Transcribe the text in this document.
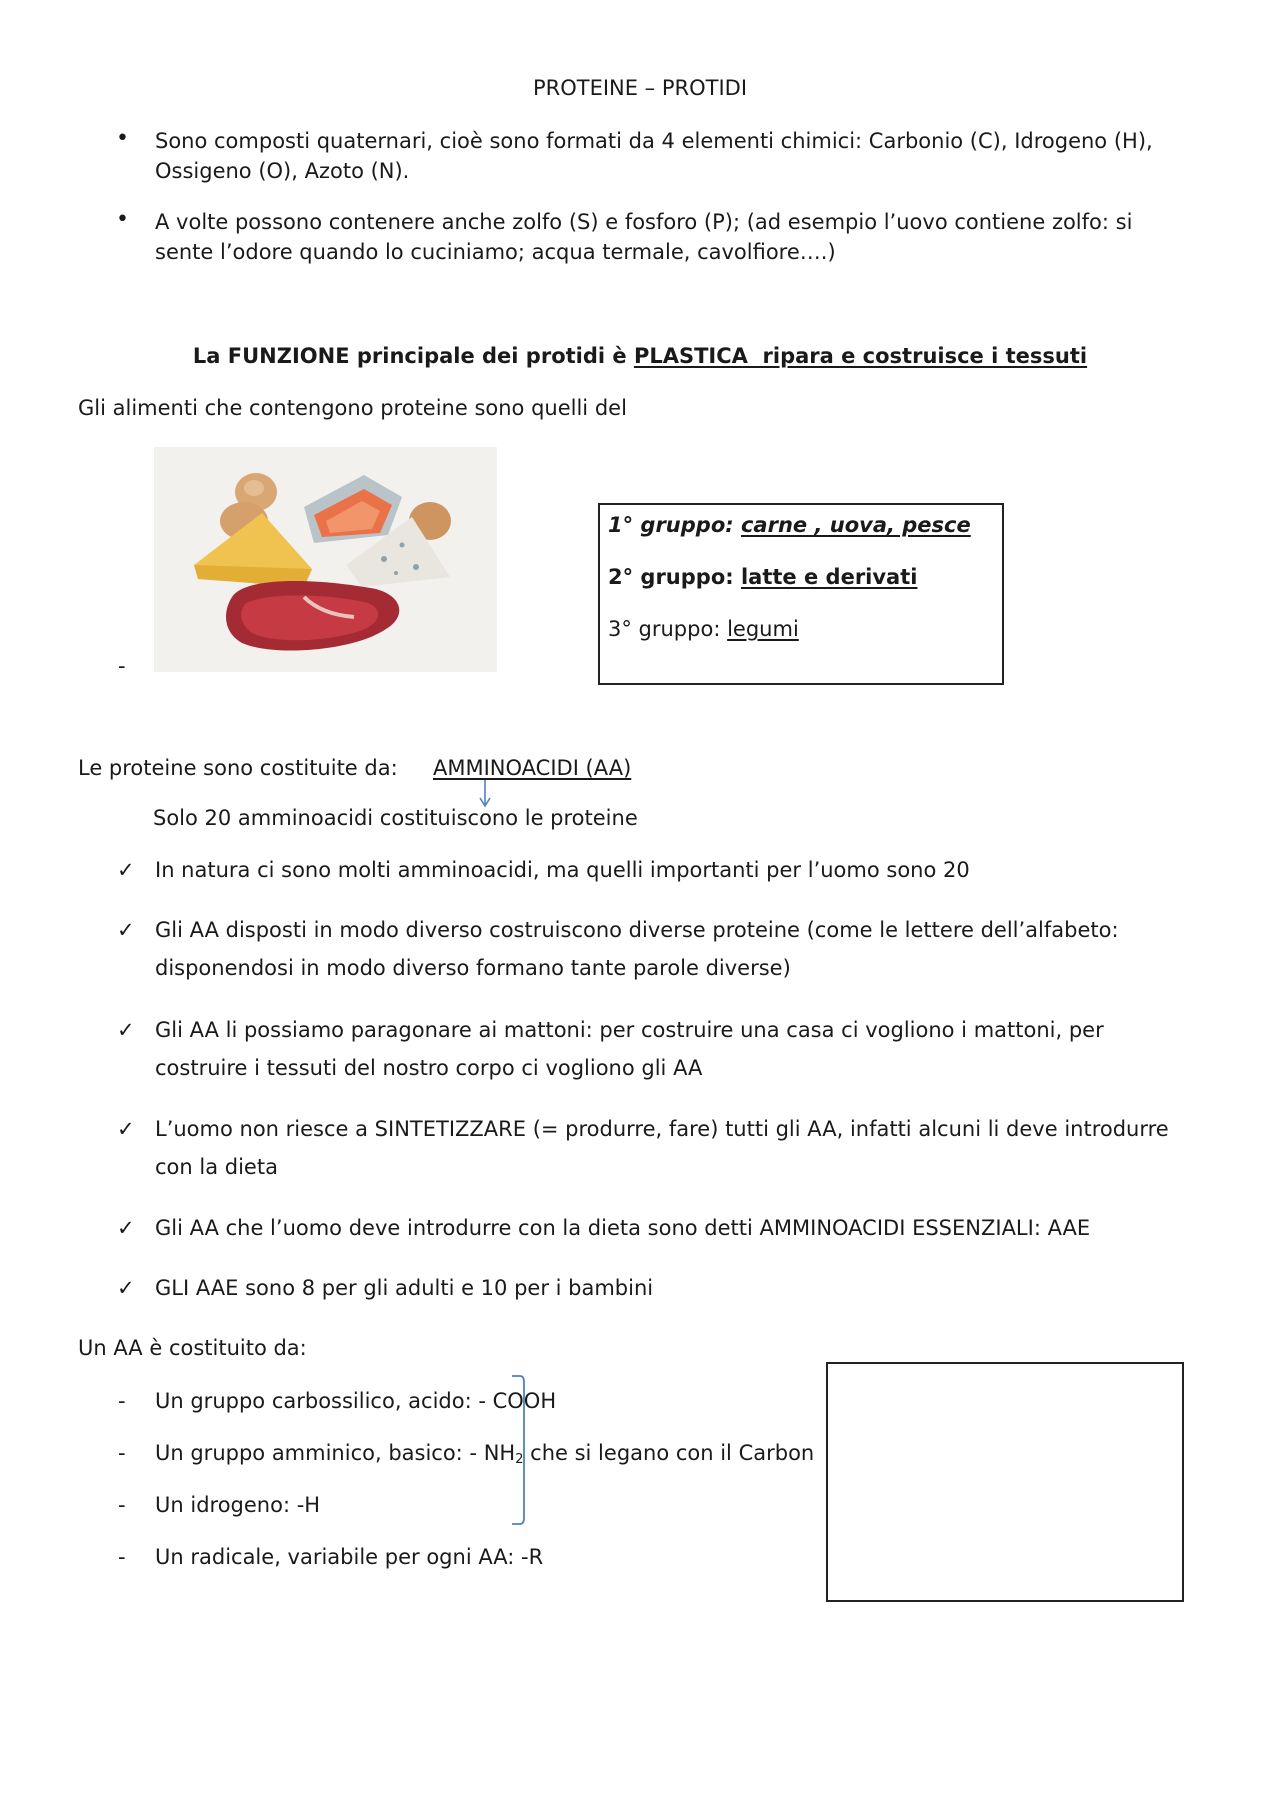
PROTEINE – PROTIDI
• Sono composti quaternari, cioè sono formati da 4 elementi chimici: Carbonio (C), Idrogeno (H),
Ossigeno (O), Azoto (N).
• A volte possono contenere anche zolfo (S) e fosforo (P); (ad esempio l’uovo contiene zolfo: si
sente l’odore quando lo cuciniamo; acqua termale, cavolfiore….)
La FUNZIONE principale dei protidi è PLASTICA  ripara e costruisce i tessuti
Gli alimenti che contengono proteine sono quelli del
-
1° gruppo: carne , uova, pesce
2° gruppo: latte e derivati
3° gruppo: legumi
Le proteine sono costituite da: AMMINOACIDI (AA)
Solo 20 amminoacidi costituiscono le proteine
✓ In natura ci sono molti amminoacidi, ma quelli importanti per l’uomo sono 20
✓ Gli AA disposti in modo diverso costruiscono diverse proteine (come le lettere dell’alfabeto:
disponendosi in modo diverso formano tante parole diverse)
✓ Gli AA li possiamo paragonare ai mattoni: per costruire una casa ci vogliono i mattoni, per
costruire i tessuti del nostro corpo ci vogliono gli AA
✓ L’uomo non riesce a SINTETIZZARE (= produrre, fare) tutti gli AA, infatti alcuni li deve introdurre
con la dieta
✓ Gli AA che l’uomo deve introdurre con la dieta sono detti AMMINOACIDI ESSENZIALI: AAE
✓ GLI AAE sono 8 per gli adulti e 10 per i bambini
Un AA è costituito da:
- Un gruppo carbossilico, acido: - COOH
- Un gruppo amminico, basico: - $NH_2$ che si legano con il Carbon
- Un idrogeno: -H
- Un radicale, variabile per ogni AA: -R
